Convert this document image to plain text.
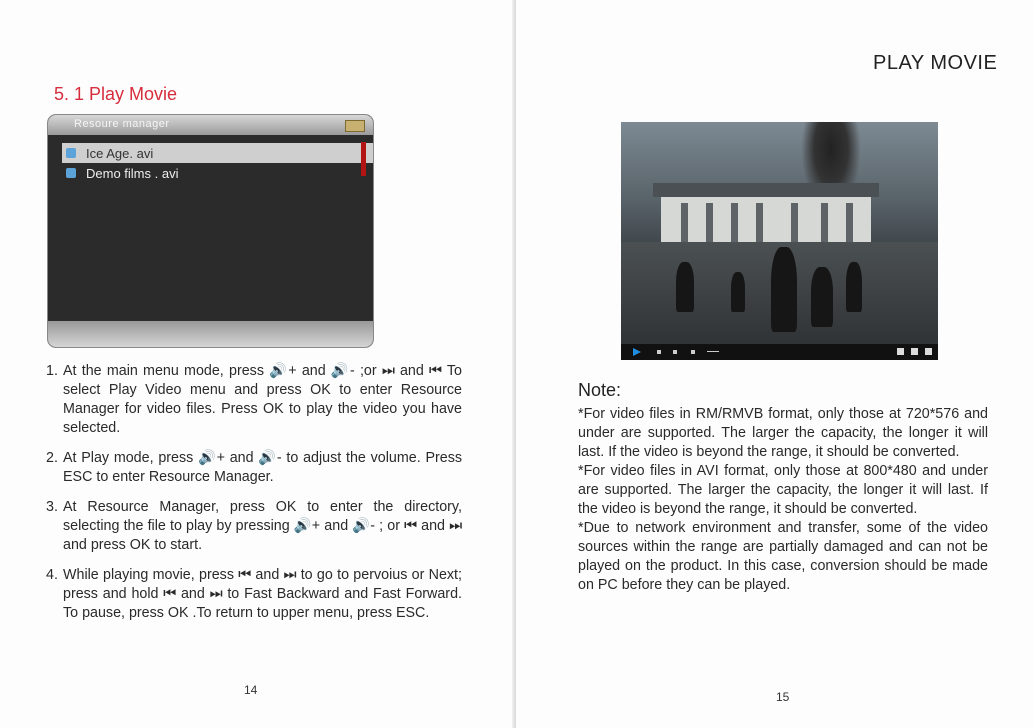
5. 1 Play Movie
Resoure manager
Ice Age. avi
Demo films . avi
1. At the main menu mode, press 🔊+ and 🔊- ;or ⏭ and ⏮ To select Play Video menu and press OK to enter Resource Manager for video files. Press OK to play the video you have selected.
2. At Play mode, press 🔊+ and 🔊- to adjust the volume. Press ESC to enter Resource Manager.
3. At Resource Manager, press OK to enter the directory, selecting the file to play by pressing 🔊+ and 🔊- ; or ⏮ and ⏭ and press OK to start.
4. While playing movie, press ⏮ and ⏭ to go to pervoius or Next; press and hold ⏮ and ⏭ to Fast Backward and Fast Forward. To pause, press OK .To return to upper menu, press ESC.
14
PLAY MOVIE
Note:

*For video files in RM/RMVB format, only those at 720*576 and under are supported. The larger the capacity, the longer it will last. If the video is beyond the range, it should be converted.

*For video files in AVI format, only those at 800*480 and under are supported. The larger the capacity, the longer it will last. If the video is beyond the range, it should be converted.

*Due to network environment and transfer, some of the video sources within the range are partially damaged and can not be played on the product. In this case, conversion should be made on PC before they can be played.

15
